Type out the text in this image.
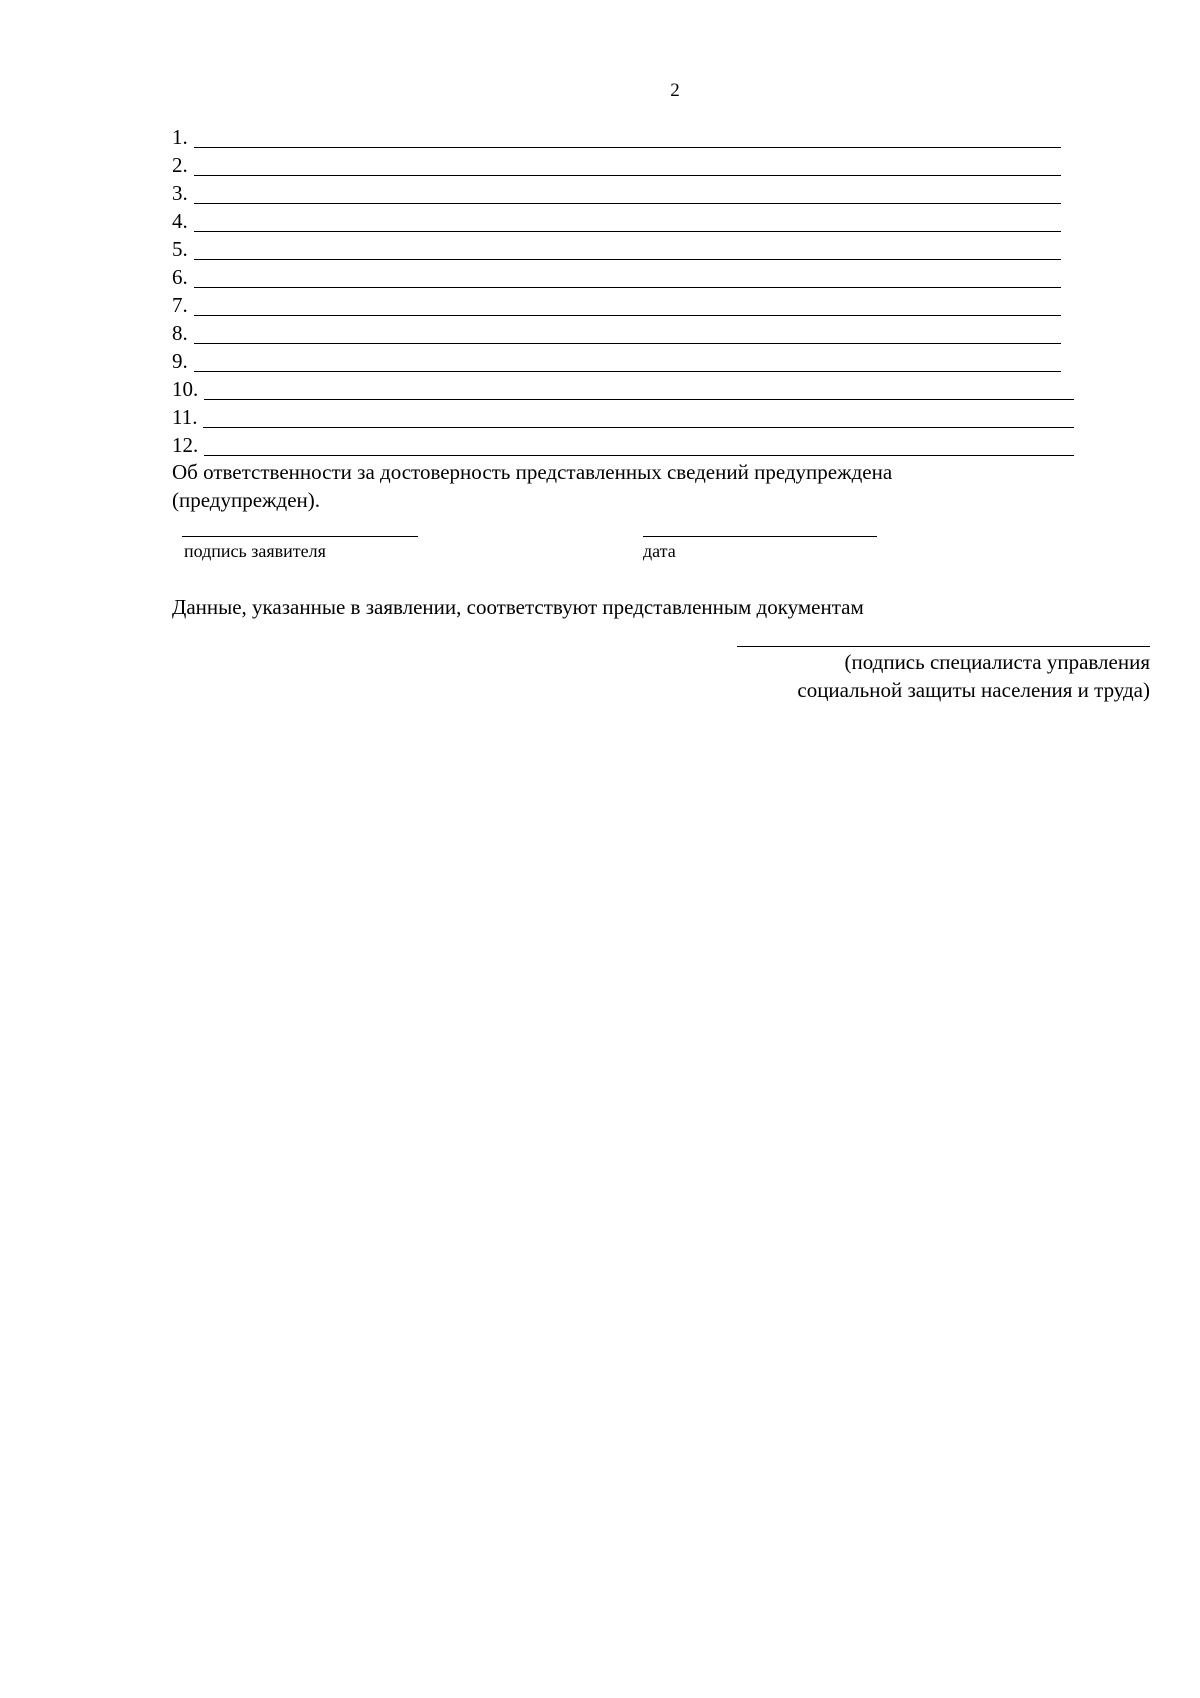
2
1.
2.
3.
4.
5.
6.
7.
8.
9.
10.
11.
12.
Об ответственности за достоверность представленных сведений предупреждена
(предупрежден).
подпись заявителя	дата
Данные, указанные в заявлении, соответствуют представленным документам
(подпись специалиста управления
социальной защиты населения и труда)
